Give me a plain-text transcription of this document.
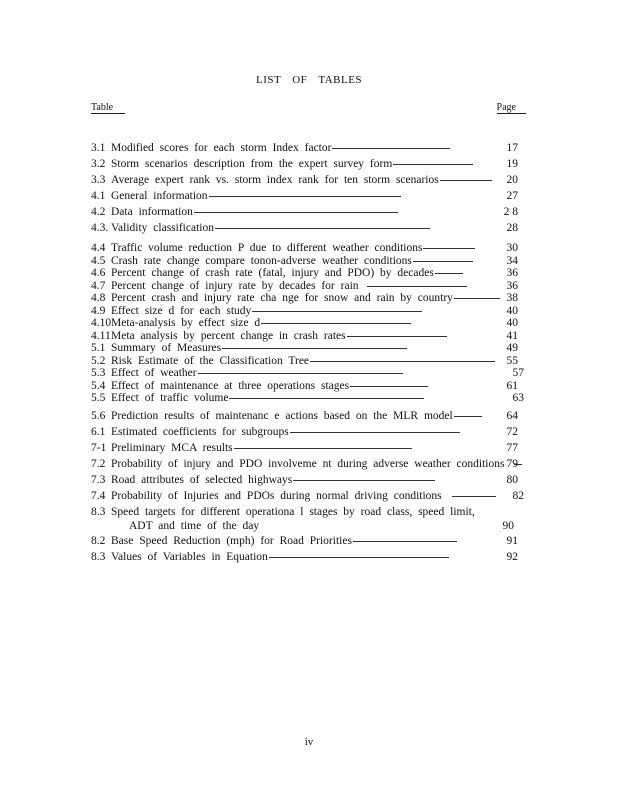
LIST OF TABLES
Table	Page
3.1 Modified scores for each storm Index factor	17
3.2 Storm scenarios description from the expert survey form	19
3.3 Average expert rank vs. storm index rank for ten storm scenarios	20
4.1 General information	27
4.2 Data information	2 8
4.3. Validity classification	28
4.4 Traffic volume reduction P due to different weather conditions	30
4.5 Crash rate change compare tonon-adverse weather conditions	34
4.6 Percent change of crash rate (fatal, injury and PDO) by decades	36
4.7 Percent change of injury rate by decades for rain	36
4.8 Percent crash and injury rate cha nge for snow and rain by country	38
4.9 Effect size d for each study	40
4.10 Meta-analysis by effect size d	40
4.11 Meta analysis by percent change in crash rates	41
5.1 Summary of Measures	49
5.2 Risk Estimate of the Classification Tree	55
5.3 Effect of weather	57
5.4 Effect of maintenance at three operations stages	61
5.5 Effect of traffic volume	63
5.6 Prediction results of maintenanc e actions based on the MLR model	64
6.1 Estimated coefficients for subgroups	72
7-1 Preliminary MCA results	77
7.2 Probability of injury and PDO involveme nt during adverse weather conditions 79
7.3 Road attributes of selected highways	80
7.4 Probability of Injuries and PDOs during normal driving conditions	82
8.3 Speed targets for different operationa l stages by road class, speed limit,
ADT and time of the day	90
8.2 Base Speed Reduction (mph) for Road Priorities	91
8.3 Values of Variables in Equation	92
iv
